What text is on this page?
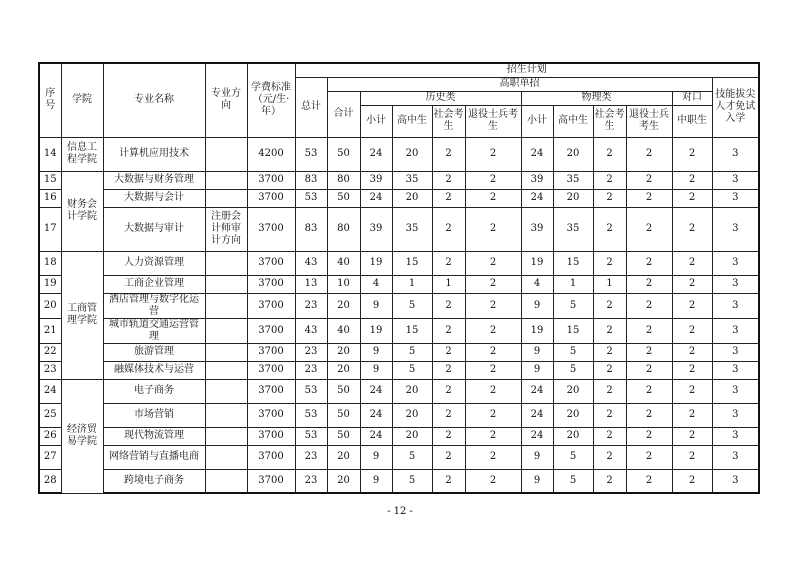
序号	学院	专业名称	专业方向	学费标准（元/生·年）	招生计划											
					总计	高职单招										技能拔尖人才免试入学
						合计	历史类				物理类				对口	
							小计	高中生	社会考生	退役士兵考生	小计	高中生	社会考生	退役士兵考生	中职生	
14	信息工程学院	计算机应用技术		4200	53	50	24	20	2	2	24	20	2	2	2	3
15	财务会计学院	大数据与财务管理		3700	83	80	39	35	2	2	39	35	2	2	2	3
16		大数据与会计		3700	53	50	24	20	2	2	24	20	2	2	2	3
17		大数据与审计	注册会计师审计方向	3700	83	80	39	35	2	2	39	35	2	2	2	3
18	工商管理学院	人力资源管理		3700	43	40	19	15	2	2	19	15	2	2	2	3
19		工商企业管理		3700	13	10	4	1	1	2	4	1	1	2	2	3
20		酒店管理与数字化运营		3700	23	20	9	5	2	2	9	5	2	2	2	3
21		城市轨道交通运营管理		3700	43	40	19	15	2	2	19	15	2	2	2	3
22		旅游管理		3700	23	20	9	5	2	2	9	5	2	2	2	3
23		融媒体技术与运营		3700	23	20	9	5	2	2	9	5	2	2	2	3
24	经济贸易学院	电子商务		3700	53	50	24	20	2	2	24	20	2	2	2	3
25		市场营销		3700	53	50	24	20	2	2	24	20	2	2	2	3
26		现代物流管理		3700	53	50	24	20	2	2	24	20	2	2	2	3
27		网络营销与直播电商		3700	23	20	9	5	2	2	9	5	2	2	2	3
28		跨境电子商务		3700	23	20	9	5	2	2	9	5	2	2	2	3
- 12 -
